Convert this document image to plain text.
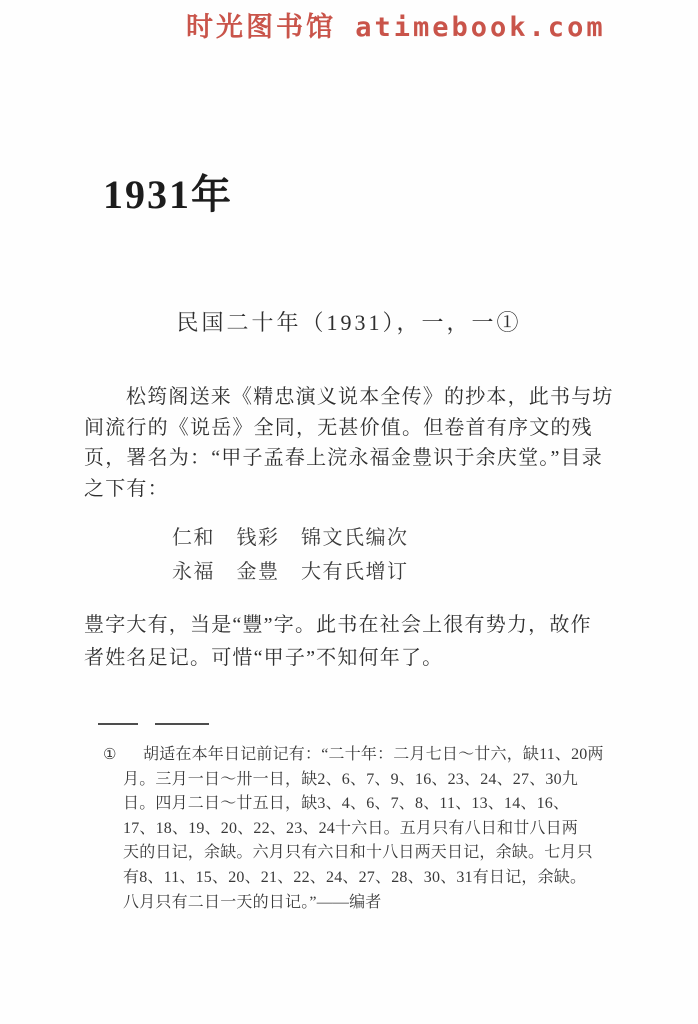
时光图书馆 atimebook.com
1931年
民国二十年（1931），一，一①
松筠阁送来《精忠演义说本全传》的抄本，此书与坊
间流行的《说岳》全同，无甚价值。但卷首有序文的残
页，署名为：“甲子孟春上浣永福金豊识于余庆堂。”目录
之下有：
仁和　钱彩　锦文氏编次
永福　金豊　大有氏增订
豊字大有，当是“豐”字。此书在社会上很有势力，故作
者姓名足记。可惜“甲子”不知何年了。
① 胡适在本年日记前记有：“二十年：二月七日～廿六，缺11、20两
月。三月一日～卅一日，缺2、6、7、9、16、23、24、27、30九
日。四月二日～廿五日，缺3、4、6、7、8、11、13、14、16、
17、18、19、20、22、23、24十六日。五月只有八日和廿八日两
天的日记，余缺。六月只有六日和十八日两天日记，余缺。七月只
有8、11、15、20、21、22、24、27、28、30、31有日记，余缺。
八月只有二日一天的日记。”——编者
